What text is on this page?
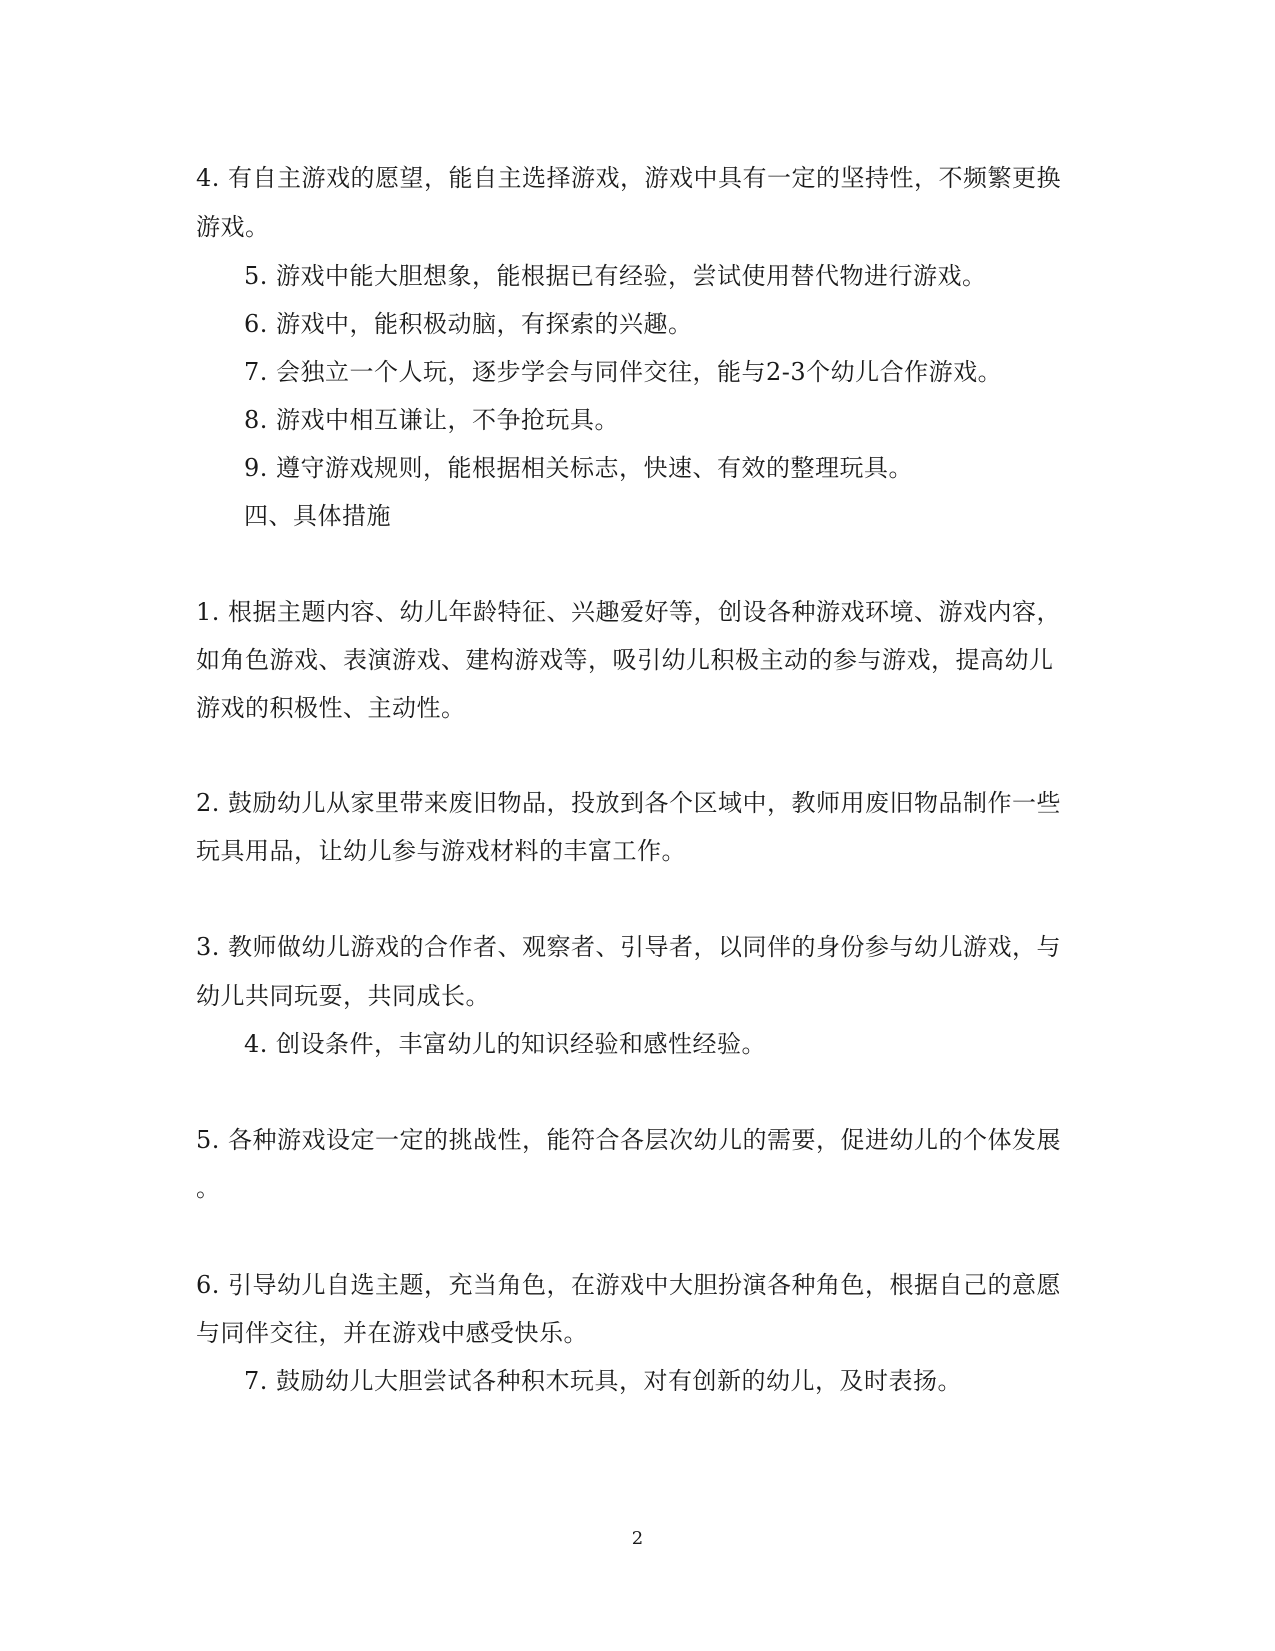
4. 有自主游戏的愿望，能自主选择游戏，游戏中具有一定的坚持性，不频繁更换
游戏。
5. 游戏中能大胆想象，能根据已有经验，尝试使用替代物进行游戏。
6. 游戏中，能积极动脑，有探索的兴趣。
7. 会独立一个人玩，逐步学会与同伴交往，能与2-3个幼儿合作游戏。
8. 游戏中相互谦让，不争抢玩具。
9. 遵守游戏规则，能根据相关标志，快速、有效的整理玩具。
四、具体措施
1. 根据主题内容、幼儿年龄特征、兴趣爱好等，创设各种游戏环境、游戏内容，
如角色游戏、表演游戏、建构游戏等，吸引幼儿积极主动的参与游戏，提高幼儿
游戏的积极性、主动性。
2. 鼓励幼儿从家里带来废旧物品，投放到各个区域中，教师用废旧物品制作一些
玩具用品，让幼儿参与游戏材料的丰富工作。
3. 教师做幼儿游戏的合作者、观察者、引导者，以同伴的身份参与幼儿游戏，与
幼儿共同玩耍，共同成长。
4. 创设条件，丰富幼儿的知识经验和感性经验。
5. 各种游戏设定一定的挑战性，能符合各层次幼儿的需要，促进幼儿的个体发展
。
6. 引导幼儿自选主题，充当角色，在游戏中大胆扮演各种角色，根据自己的意愿
与同伴交往，并在游戏中感受快乐。
7. 鼓励幼儿大胆尝试各种积木玩具，对有创新的幼儿，及时表扬。
2
